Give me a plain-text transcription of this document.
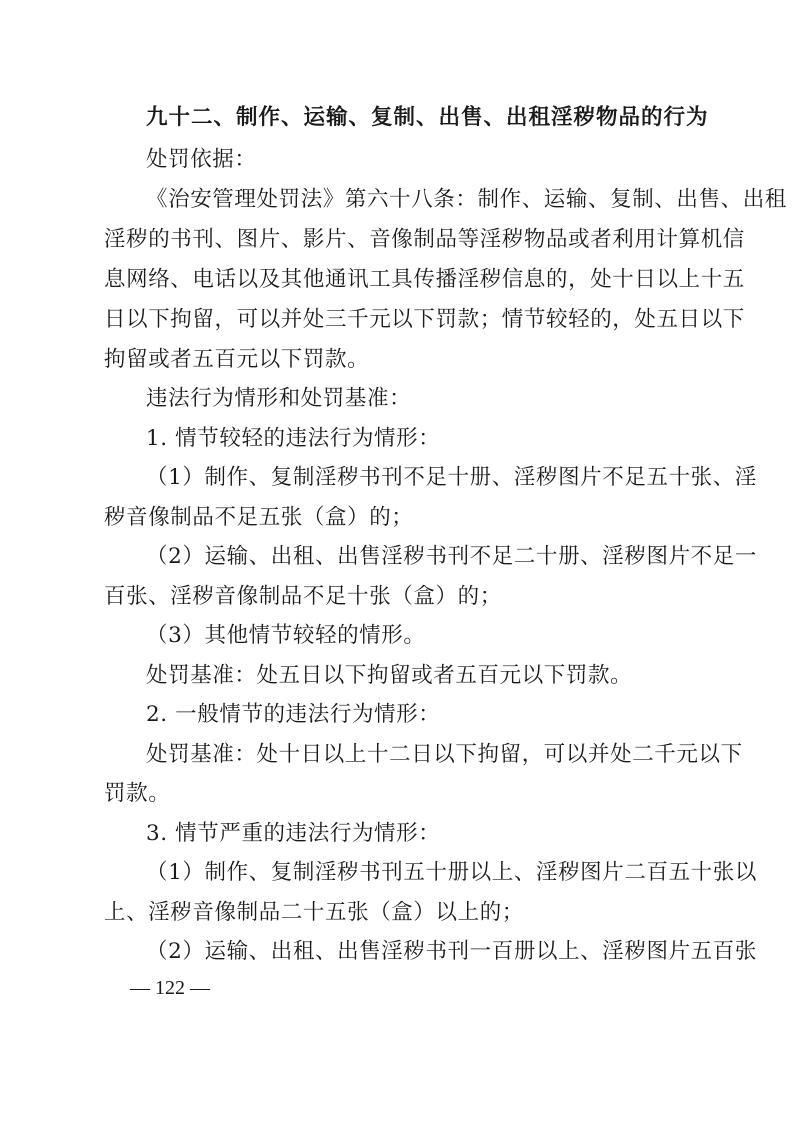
九十二、制作、运输、复制、出售、出租淫秽物品的行为
处罚依据：
《治安管理处罚法》第六十八条：制作、运输、复制、出售、出租
淫秽的书刊、图片、影片、音像制品等淫秽物品或者利用计算机信
息网络、电话以及其他通讯工具传播淫秽信息的，处十日以上十五
日以下拘留，可以并处三千元以下罚款；情节较轻的，处五日以下
拘留或者五百元以下罚款。
违法行为情形和处罚基准：
1. 情节较轻的违法行为情形：
（1）制作、复制淫秽书刊不足十册、淫秽图片不足五十张、淫
秽音像制品不足五张（盒）的；
（2）运输、出租、出售淫秽书刊不足二十册、淫秽图片不足一
百张、淫秽音像制品不足十张（盒）的；
（3）其他情节较轻的情形。
处罚基准：处五日以下拘留或者五百元以下罚款。
2. 一般情节的违法行为情形：
处罚基准：处十日以上十二日以下拘留，可以并处二千元以下
罚款。
3. 情节严重的违法行为情形：
（1）制作、复制淫秽书刊五十册以上、淫秽图片二百五十张以
上、淫秽音像制品二十五张（盒）以上的；
（2）运输、出租、出售淫秽书刊一百册以上、淫秽图片五百张
— 122 —
